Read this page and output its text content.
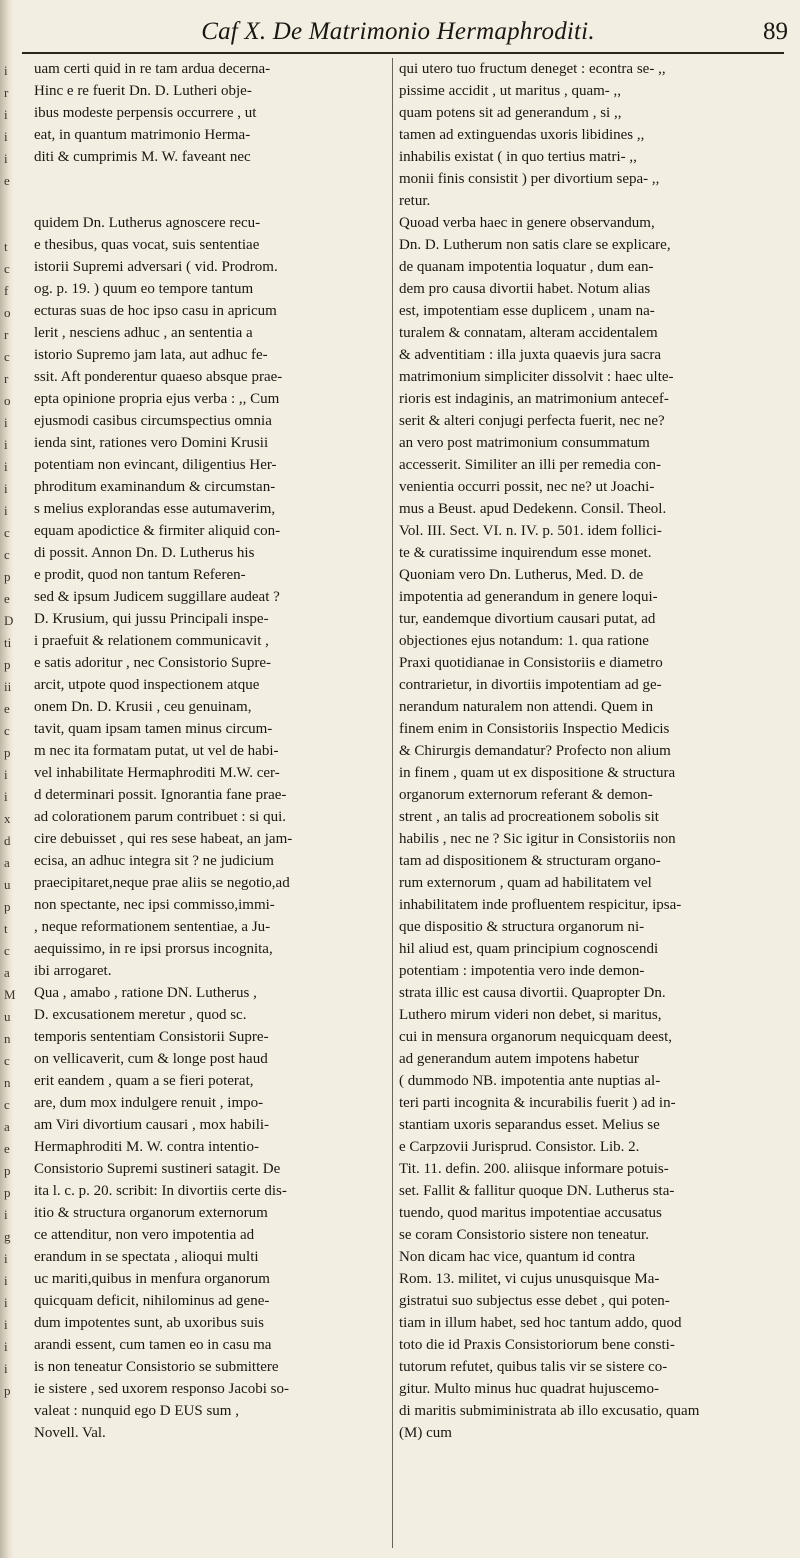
Caf X. De Matrimonio Hermaphroditi.	89
i
r
i
i
i
e

t
c
f
o
r
c
r
o
i
i
i
i
i
c
c
p
e
D
ti
p
ii
e
c
p
i
i
x
d
a
u
p
t
c
a
M
u
n
c
n
c
a
e
p
p
i
g
i
i
i
i
i
i
p
uam certi quid in re tam ardua decerna-
Hinc e re fuerit Dn. D. Lutheri obje-
ibus modeste perpensis occurrere , ut
eat, in quantum matrimonio Herma-
diti & cumprimis M. W. faveant nec

quidem Dn. Lutherus agnoscere recu-
e thesibus, quas vocat, suis sententiae
istorii Supremi adversari ( vid. Prodrom.
og. p. 19. ) quum eo tempore tantum
ecturas suas de hoc ipso casu in apricum
lerit , nesciens adhuc , an sententia a
istorio Supremo jam lata, aut adhuc fe-
ssit. Aft ponderentur quaeso absque prae-
epta opinione propria ejus verba : ,, Cum
ejusmodi casibus circumspectius omnia
ienda sint, rationes vero Domini Krusii
potentiam non evincant, diligentius Her-
phroditum examinandum & circumstan-
s melius explorandas esse autumaverim,
equam apodictice & firmiter aliquid con-
di possit. Annon Dn. D. Lutherus his
e prodit, quod non tantum Referen-
sed & ipsum Judicem suggillare audeat ?
D. Krusium, qui jussu Principali inspe-
i praefuit & relationem communicavit ,
e satis adoritur , nec Consistorio Supre-
arcit, utpote quod inspectionem atque
onem Dn. D. Krusii , ceu genuinam,
tavit, quam ipsam tamen minus circum-
m nec ita formatam putat, ut vel de habi-
vel inhabilitate Hermaphroditi M.W. cer-
d determinari possit. Ignorantia fane prae-
ad colorationem parum contribuet : si qui.
cire debuisset , qui res sese habeat, an jam-
ecisa, an adhuc integra sit ? ne judicium
praecipitaret,neque prae aliis se negotio,ad
non spectante, nec ipsi commisso,immi-
, neque reformationem sententiae, a Ju-
aequissimo, in re ipsi prorsus incognita,
ibi arrogaret.
Qua , amabo , ratione DN. Lutherus ,
D. excusationem meretur , quod sc.
temporis sententiam Consistorii Supre-
on vellicaverit, cum & longe post haud
erit eandem , quam a se fieri poterat,
are, dum mox indulgere renuit , impo-
am Viri divortium causari , mox habili-
Hermaphroditi M. W. contra intentio-
Consistorio Supremi sustineri satagit. De
ita l. c. p. 20. scribit: In divortiis certe dis-
itio & structura organorum externorum
ce attenditur, non vero impotentia ad
erandum in se spectata , alioqui multi
uc mariti,quibus in menfura organorum
quicquam deficit, nihilominus ad gene-
dum impotentes sunt, ab uxoribus suis
arandi essent, cum tamen eo in casu ma
is non teneatur Consistorio se submittere
ie sistere , sed uxorem responso Jacobi so-
valeat : nunquid ego D EUS sum ,
Novell. Val.
qui utero tuo fructum deneget : econtra se- ,,
pissime accidit , ut maritus , quam- ,,
quam potens sit ad generandum , si ,,
tamen ad extinguendas uxoris libidines ,,
inhabilis existat ( in quo tertius matri- ,,
monii finis consistit ) per divortium sepa- ,,
retur.
Quoad verba haec in genere observandum,
Dn. D. Lutherum non satis clare se explicare,
de quanam impotentia loquatur , dum ean-
dem pro causa divortii habet. Notum alias
est, impotentiam esse duplicem , unam na-
turalem & connatam, alteram accidentalem
& adventitiam : illa juxta quaevis jura sacra
matrimonium simpliciter dissolvit : haec ulte-
rioris est indaginis, an matrimonium antecef-
serit & alteri conjugi perfecta fuerit, nec ne?
an vero post matrimonium consummatum
accesserit. Similiter an illi per remedia con-
venientia occurri possit, nec ne? ut Joachi-
mus a Beust. apud Dedekenn. Consil. Theol.
Vol. III. Sect. VI. n. IV. p. 501. idem follici-
te & curatissime inquirendum esse monet.
Quoniam vero Dn. Lutherus, Med. D. de
impotentia ad generandum in genere loqui-
tur, eandemque divortium causari putat, ad
objectiones ejus notandum: 1. qua ratione
Praxi quotidianae in Consistoriis e diametro
contrarietur, in divortiis impotentiam ad ge-
nerandum naturalem non attendi. Quem in
finem enim in Consistoriis Inspectio Medicis
& Chirurgis demandatur? Profecto non alium
in finem , quam ut ex dispositione & structura
organorum externorum referant & demon-
strent , an talis ad procreationem sobolis sit
habilis , nec ne ? Sic igitur in Consistoriis non
tam ad dispositionem & structuram organo-
rum externorum , quam ad habilitatem vel
inhabilitatem inde profluentem respicitur, ipsa-
que dispositio & structura organorum ni-
hil aliud est, quam principium cognoscendi
potentiam : impotentia vero inde demon-
strata illic est causa divortii. Quapropter Dn.
Luthero mirum videri non debet, si maritus,
cui in mensura organorum nequicquam deest,
ad generandum autem impotens habetur
( dummodo NB. impotentia ante nuptias al-
teri parti incognita & incurabilis fuerit ) ad in-
stantiam uxoris separandus esset. Melius se
e Carpzovii Jurisprud. Consistor. Lib. 2.
Tit. 11. defin. 200. aliisque informare potuis-
set. Fallit & fallitur quoque DN. Lutherus sta-
tuendo, quod maritus impotentiae accusatus
se coram Consistorio sistere non teneatur.
Non dicam hac vice, quantum id contra
Rom. 13. militet, vi cujus unusquisque Ma-
gistratui suo subjectus esse debet , qui poten-
tiam in illum habet, sed hoc tantum addo, quod
toto die id Praxis Consistoriorum bene consti-
tutorum refutet, quibus talis vir se sistere co-
gitur. Multo minus huc quadrat hujuscemo-
di maritis submiministrata ab illo excusatio, quam
(M) cum
